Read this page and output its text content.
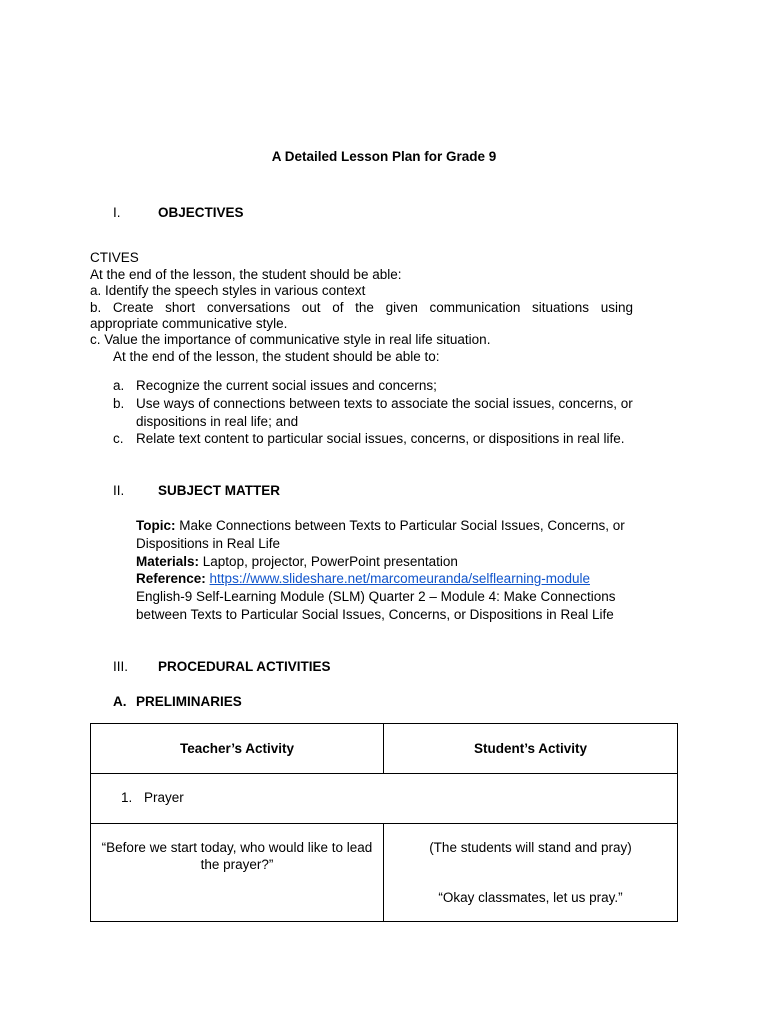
A Detailed Lesson Plan for Grade 9
I.	OBJECTIVES
CTIVES
At the end of the lesson, the student should be able:
a. Identify the speech styles in various context
b. Create short conversations out of the given communication situations using
appropriate communicative style.
c. Value the importance of communicative style in real life situation.
At the end of the lesson, the student should be able to:
a. Recognize the current social issues and concerns;
b. Use ways of connections between texts to associate the social issues, concerns, or dispositions in real life; and
c. Relate text content to particular social issues, concerns, or dispositions in real life.
II. SUBJECT MATTER
Topic: Make Connections between Texts to Particular Social Issues, Concerns, or Dispositions in Real Life
Materials: Laptop, projector, PowerPoint presentation
Reference: https://www.slideshare.net/marcomeuranda/selflearning-module
English-9 Self-Learning Module (SLM) Quarter 2 – Module 4: Make Connections between Texts to Particular Social Issues, Concerns, or Dispositions in Real Life
III. PROCEDURAL ACTIVITIES
A. PRELIMINARIES
Teacher’s Activity	Student’s Activity

1. Prayer	

“Before we start today, who would like to lead the prayer?”	(The students will stand and pray)
“Okay classmates, let us pray.”
